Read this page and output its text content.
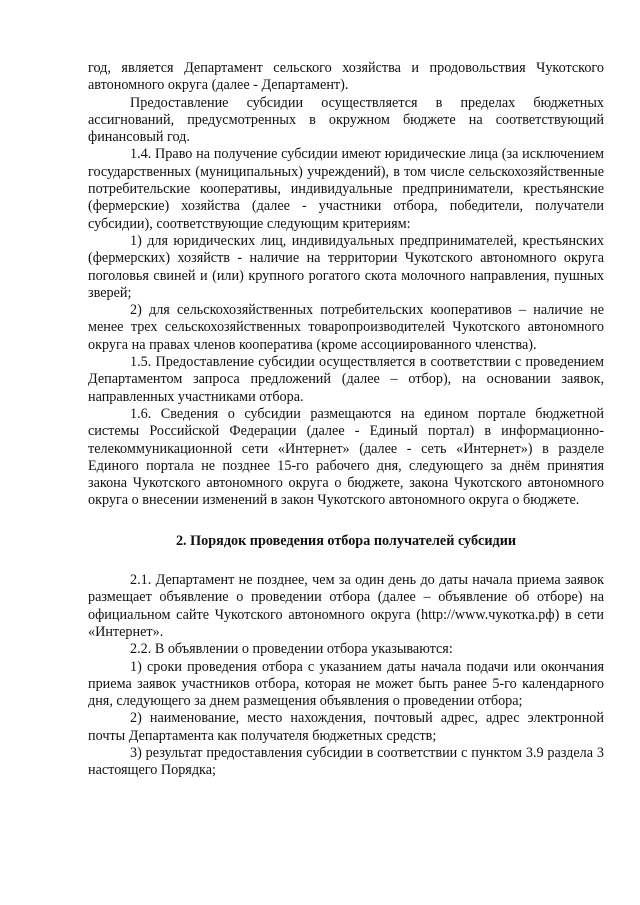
год, является Департамент сельского хозяйства и продовольствия Чукотского автономного округа (далее - Департамент).

Предоставление субсидии осуществляется в пределах бюджетных ассигнований, предусмотренных в окружном бюджете на соответствующий финансовый год.

1.4. Право на получение субсидии имеют юридические лица (за исключением государственных (муниципальных) учреждений), в том числе сельскохозяйственные потребительские кооперативы, индивидуальные предприниматели, крестьянские (фермерские) хозяйства (далее - участники отбора, победители, получатели субсидии), соответствующие следующим критериям:

1) для юридических лиц, индивидуальных предпринимателей, крестьянских (фермерских) хозяйств - наличие на территории Чукотского автономного округа поголовья свиней и (или) крупного рогатого скота молочного направления, пушных зверей;

2) для сельскохозяйственных потребительских кооперативов – наличие не менее трех сельскохозяйственных товаропроизводителей Чукотского автономного округа на правах членов кооператива (кроме ассоциированного членства).

1.5. Предоставление субсидии осуществляется в соответствии с проведением Департаментом запроса предложений (далее – отбор), на основании заявок, направленных участниками отбора.

1.6. Сведения о субсидии размещаются на едином портале бюджетной системы Российской Федерации (далее - Единый портал) в информационно-телекоммуникационной сети «Интернет» (далее - сеть «Интернет») в разделе Единого портала не позднее 15-го рабочего дня, следующего за днём принятия закона Чукотского автономного округа о бюджете, закона Чукотского автономного округа о внесении изменений в закон Чукотского автономного округа о бюджете.

2. Порядок проведения отбора получателей субсидии

2.1. Департамент не позднее, чем за один день до даты начала приема заявок размещает объявление о проведении отбора (далее – объявление об отборе) на официальном сайте Чукотского автономного округа (http://www.чукотка.рф) в сети «Интернет».

2.2. В объявлении о проведении отбора указываются:

1) сроки проведения отбора с указанием даты начала подачи или окончания приема заявок участников отбора, которая не может быть ранее 5-го календарного дня, следующего за днем размещения объявления о проведении отбора;

2) наименование, место нахождения, почтовый адрес, адрес электронной почты Департамента как получателя бюджетных средств;

3) результат предоставления субсидии в соответствии с пунктом 3.9 раздела 3 настоящего Порядка;
